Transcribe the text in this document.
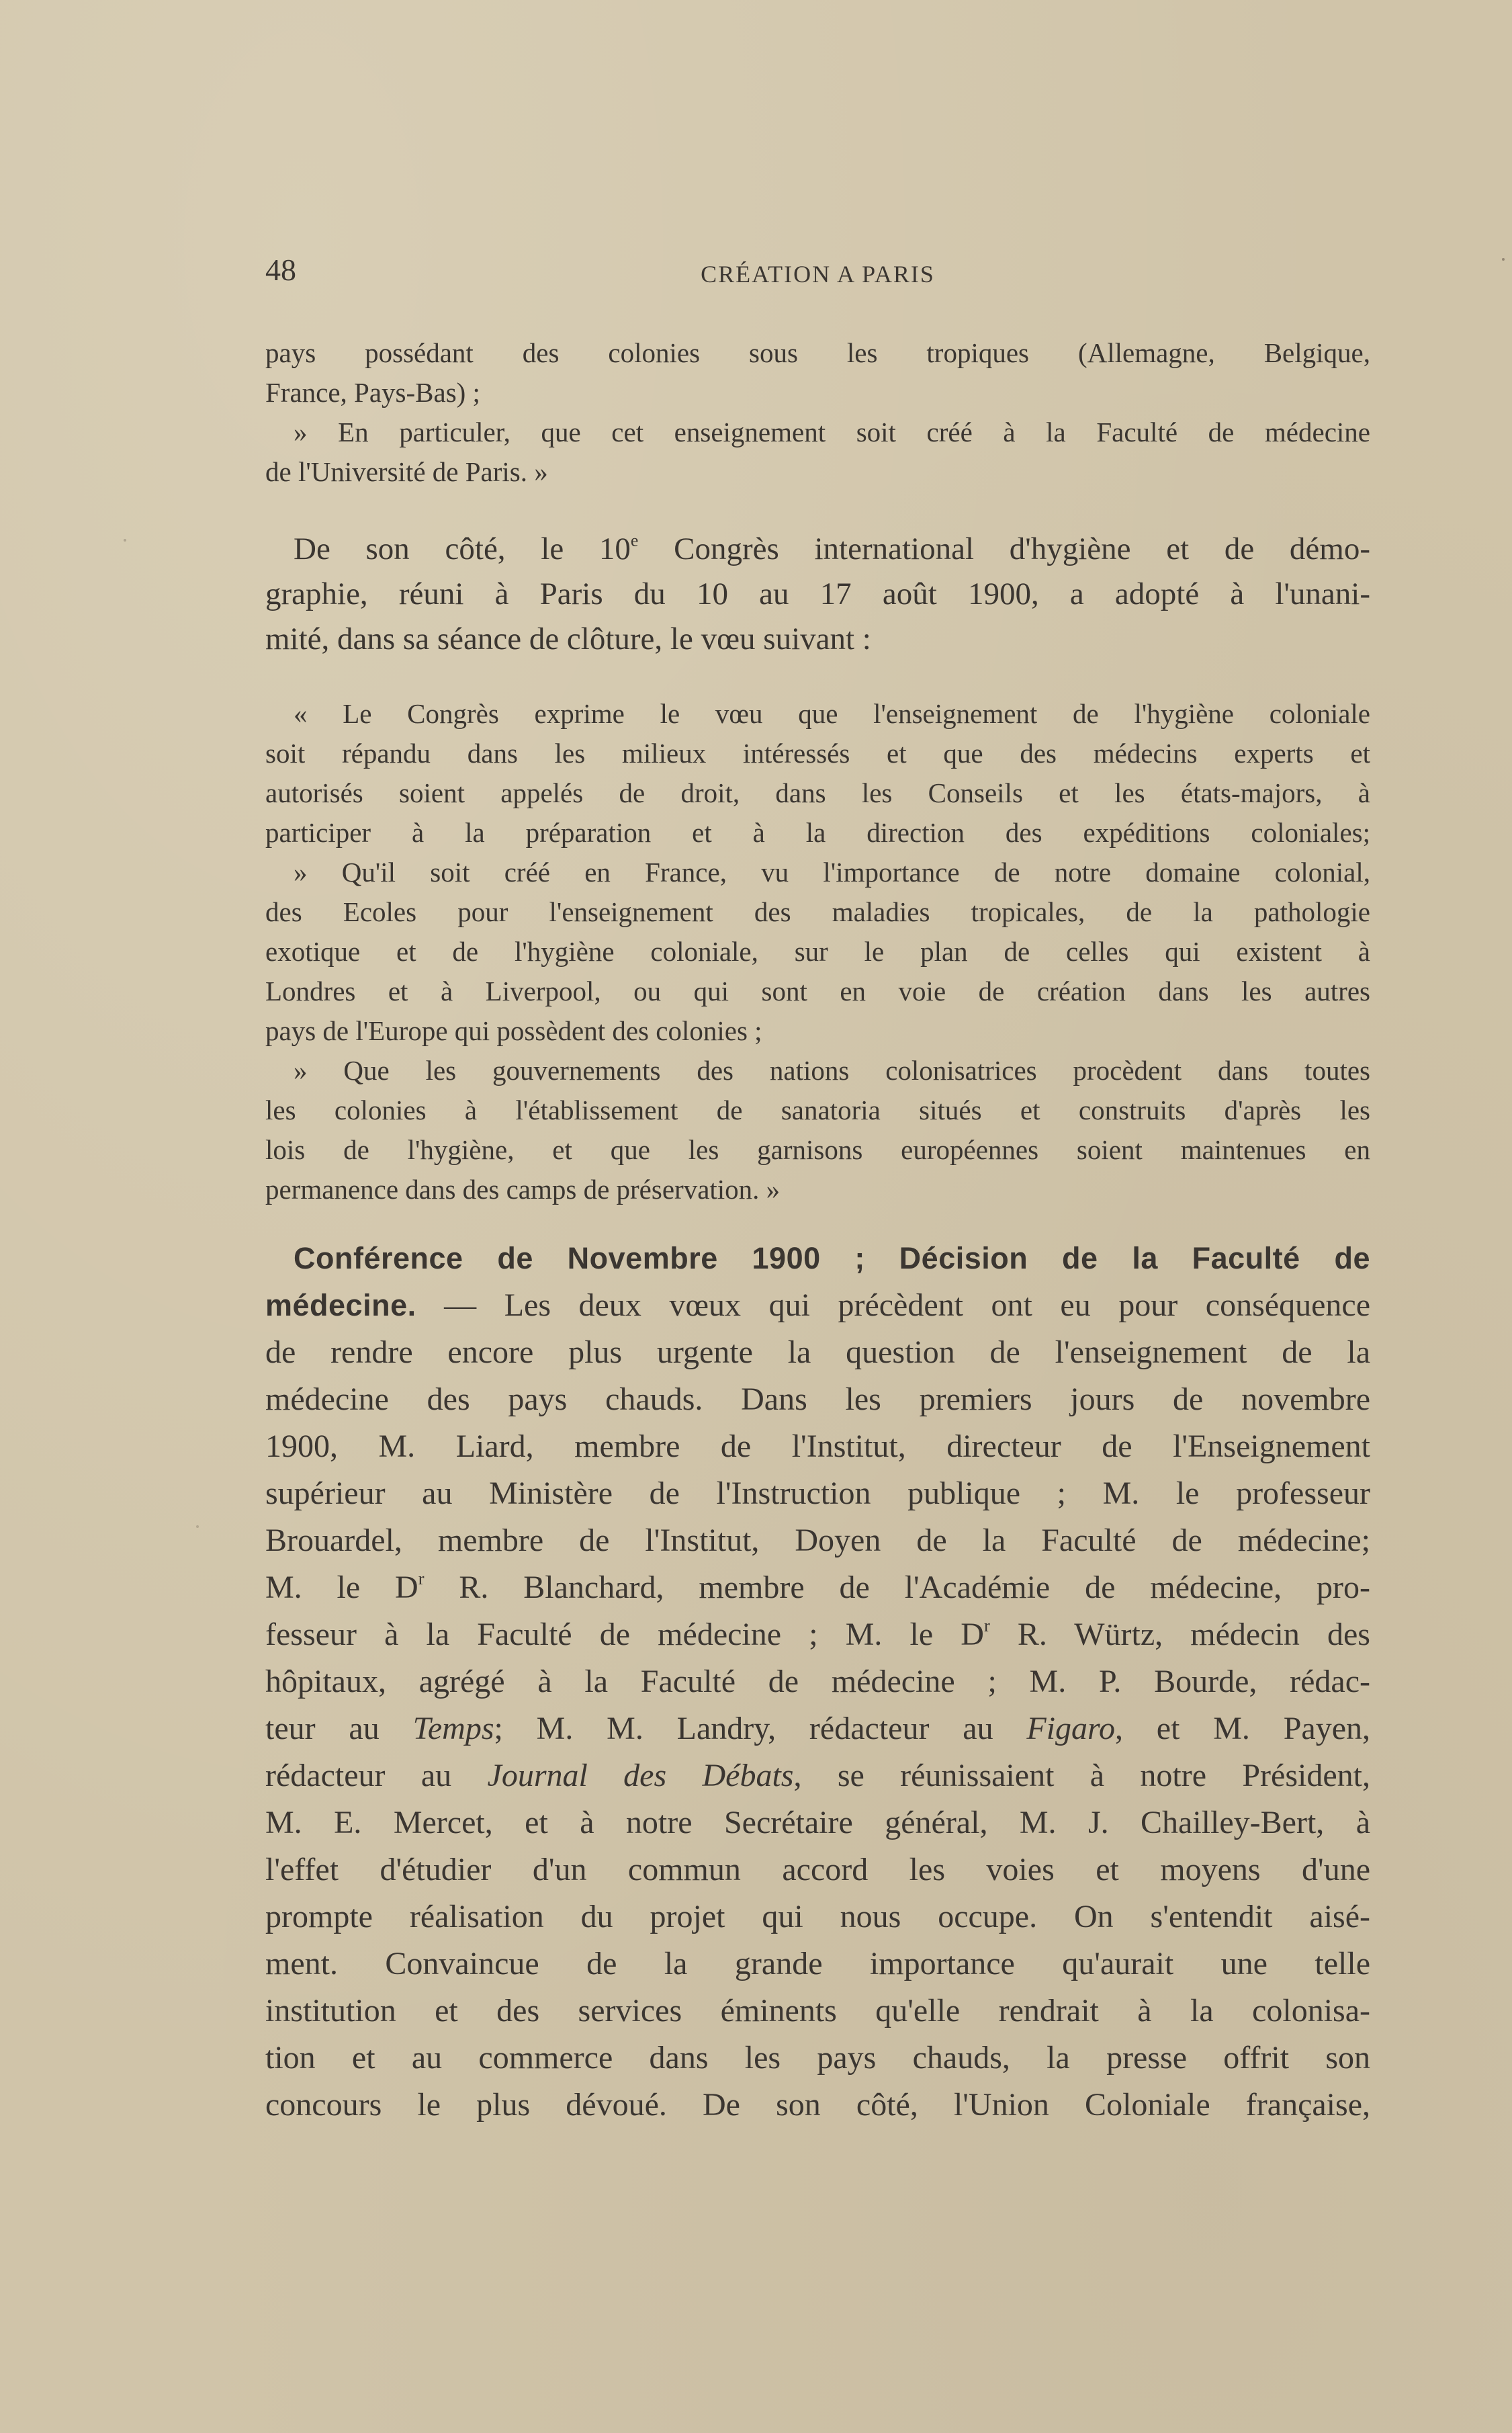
48	CRÉATION A PARIS
pays possédant des colonies sous les tropiques (Allemagne, Belgique,
France, Pays-Bas) ;
» En particuler, que cet enseignement soit créé à la Faculté de médecine
de l'Université de Paris. »
De son côté, le 10e Congrès international d'hygiène et de démo-
graphie, réuni à Paris du 10 au 17 août 1900, a adopté à l'unani-
mité, dans sa séance de clôture, le vœu suivant :
« Le Congrès exprime le vœu que l'enseignement de l'hygiène coloniale
soit répandu dans les milieux intéressés et que des médecins experts et
autorisés soient appelés de droit, dans les Conseils et les états-majors, à
participer à la préparation et à la direction des expéditions coloniales;
» Qu'il soit créé en France, vu l'importance de notre domaine colonial,
des Ecoles pour l'enseignement des maladies tropicales, de la pathologie
exotique et de l'hygiène coloniale, sur le plan de celles qui existent à
Londres et à Liverpool, ou qui sont en voie de création dans les autres
pays de l'Europe qui possèdent des colonies ;
» Que les gouvernements des nations colonisatrices procèdent dans toutes
les colonies à l'établissement de sanatoria situés et construits d'après les
lois de l'hygiène, et que les garnisons européennes soient maintenues en
permanence dans des camps de préservation. »
Conférence de Novembre 1900 ; Décision de la Faculté de
médecine. — Les deux vœux qui précèdent ont eu pour conséquence
de rendre encore plus urgente la question de l'enseignement de la
médecine des pays chauds. Dans les premiers jours de novembre
1900, M. Liard, membre de l'Institut, directeur de l'Enseignement
supérieur au Ministère de l'Instruction publique ; M. le professeur
Brouardel, membre de l'Institut, Doyen de la Faculté de médecine;
M. le $D^r$ R. Blanchard, membre de l'Académie de médecine, pro-
fesseur à la Faculté de médecine ; M. le $D^r$ R. Würtz, médecin des
hôpitaux, agrégé à la Faculté de médecine ; M. P. Bourde, rédac-
teur au Temps; M. M. Landry, rédacteur au Figaro, et M. Payen,
rédacteur au Journal des Débats, se réunissaient à notre Président,
M. E. Mercet, et à notre Secrétaire général, M. J. Chailley-Bert, à
l'effet d'étudier d'un commun accord les voies et moyens d'une
prompte réalisation du projet qui nous occupe. On s'entendit aisé-
ment. Convaincue de la grande importance qu'aurait une telle
institution et des services éminents qu'elle rendrait à la colonisa-
tion et au commerce dans les pays chauds, la presse offrit son
concours le plus dévoué. De son côté, l'Union Coloniale française,
